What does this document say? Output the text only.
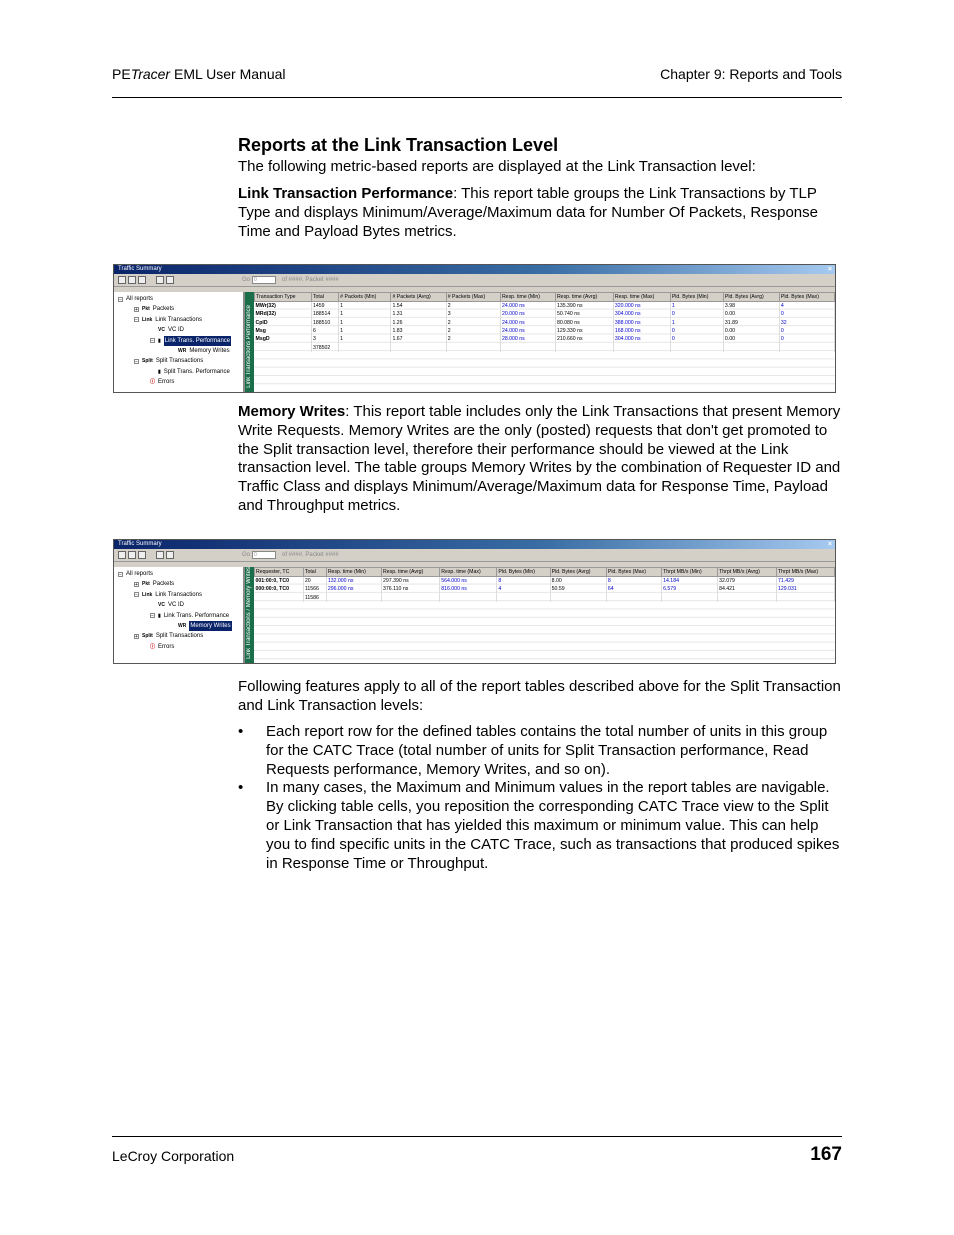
PETracer EML User Manual	Chapter 9: Reports and Tools
Reports at the Link Transaction Level
The following metric-based reports are displayed at the Link Transaction level:
Link Transaction Performance: This report table groups the Link Transactions by TLP Type and displays Minimum/Average/Maximum data for Number Of Packets, Response Time and Payload Bytes metrics.
Traffic Summary	×
Go 0	of ####, Packet ####
− All reports
+ Pkt Packets
− Link Link Transactions
VC VC ID
− ▮ Link Trans. Performance
WR Memory Writes
− Split Split Transactions
▮ Split Trans. Performance
ⓘ Errors	Link Transactions Performance
Transaction Type	Total	# Packets (Min)	# Packets (Avrg)	# Packets (Max)	Resp. time (Min)	Resp. time (Avrg)	Resp. time (Max)	Pld. Bytes (Min)	Pld. Bytes (Avrg)	Pld. Bytes (Max)
MWr(32)	1459	1	1.54	2	24.000 ns	135.390 ns	320.000 ns	1	3.98	4
MRd(32)	188514	1	1.31	3	20.000 ns	50.740 ns	304.000 ns	0	0.00	0
CplD	188510	1	1.26	2	24.000 ns	80.080 ns	388.000 ns	1	31.89	32
Msg	6	1	1.83	2	24.000 ns	129.330 ns	168.000 ns	0	0.00	0
MsgD	3	1	1.67	2	28.000 ns	210.660 ns	304.000 ns	0	0.00	0
	378502									
Memory Writes: This report table includes only the Link Transactions that present Memory Write Requests. Memory Writes are the only (posted) requests that don't get promoted to the Split transaction level, therefore their performance should be viewed at the Link transaction level. The table groups Memory Writes by the combination of Requester ID and Traffic Class and displays Minimum/Average/Maximum data for Response Time, Payload and Throughput metrics.
Traffic Summary	×
Go 0	of ####, Packet ####
− All reports
+ Pkt Packets
− Link Link Transactions
VC VC ID
− ▮ Link Trans. Performance
WR Memory Writes
+ Split Split Transactions
ⓘ Errors	Link Transactions / Memory Writes Requester, TC	Total	Resp. time (Min)	Resp. time (Avrg)	Resp. time (Max)	Pld. Bytes (Min)	Pld. Bytes (Avrg)	Pld. Bytes (Max)	Thrpt MB/s (Min)	Thrpt MB/s (Avrg)	Thrpt MB/s (Max)
001:00:0, TC0	20	132.000 ns	297.390 ns	564.000 ns	8	8.00	8	14.184	32.079	71.429
000:00:0, TC0	11566	296.000 ns	376.110 ns	816.000 ns	4	50.59	64	6.579	84.421	129.031
	11586									
Following features apply to all of the report tables described above for the Split Transaction and Link Transaction levels:
• Each report row for the defined tables contains the total number of units in this group for the CATC Trace (total number of units for Split Transaction performance, Read Requests performance, Memory Writes, and so on).
• In many cases, the Maximum and Minimum values in the report tables are navigable. By clicking table cells, you reposition the corresponding CATC Trace view to the Split or Link Transaction that has yielded this maximum or minimum value. This can help you to find specific units in the CATC Trace, such as transactions that produced spikes in Response Time or Throughput.
LeCroy Corporation	167
